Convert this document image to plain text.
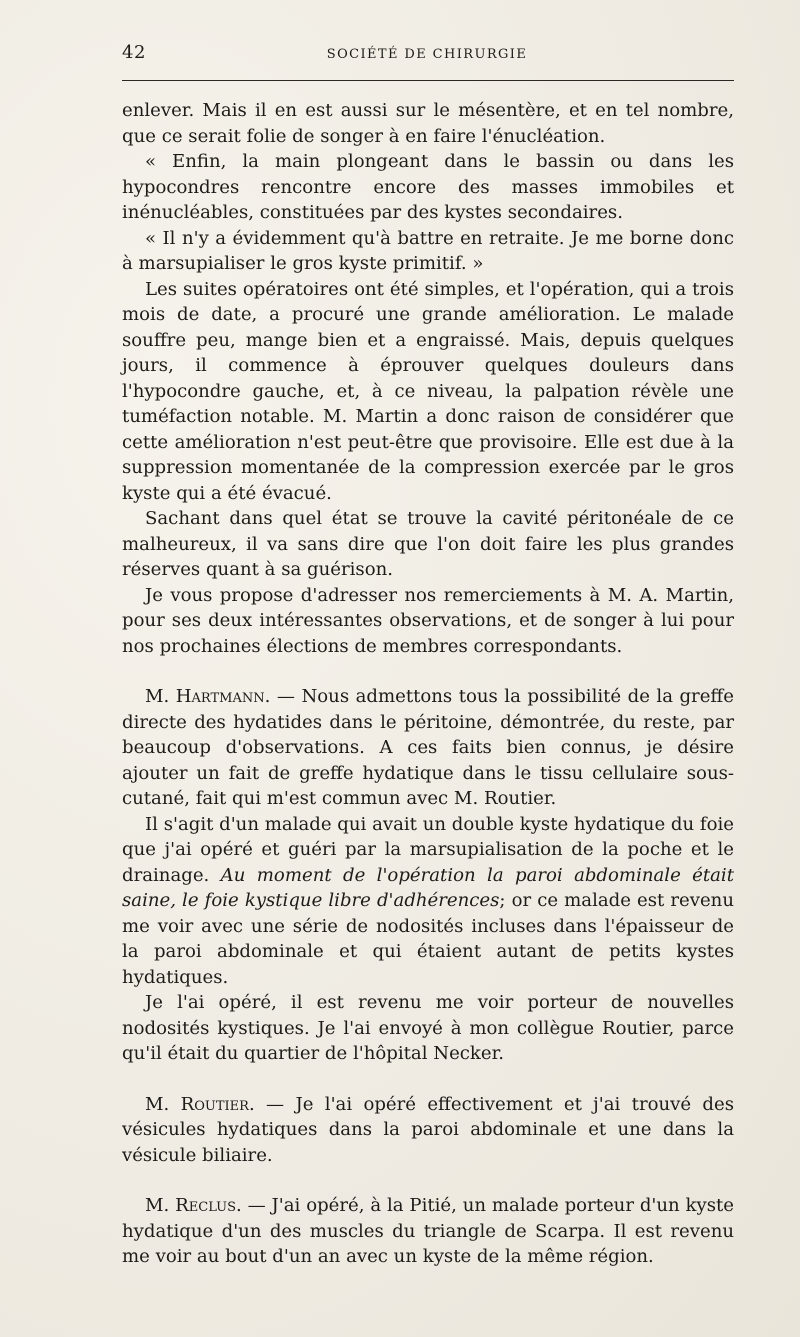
42	SOCIÉTÉ DE CHIRURGIE

enlever. Mais il en est aussi sur le mésentère, et en tel nombre, que ce serait folie de songer à en faire l'énucléation.

« Enfin, la main plongeant dans le bassin ou dans les hypocondres rencontre encore des masses immobiles et inénucléables, constituées par des kystes secondaires.

« Il n'y a évidemment qu'à battre en retraite. Je me borne donc à marsupialiser le gros kyste primitif. »

Les suites opératoires ont été simples, et l'opération, qui a trois mois de date, a procuré une grande amélioration. Le malade souffre peu, mange bien et a engraissé. Mais, depuis quelques jours, il commence à éprouver quelques douleurs dans l'hypocondre gauche, et, à ce niveau, la palpation révèle une tuméfaction notable. M. Martin a donc raison de considérer que cette amélioration n'est peut-être que provisoire. Elle est due à la suppression momentanée de la compression exercée par le gros kyste qui a été évacué.

Sachant dans quel état se trouve la cavité péritonéale de ce malheureux, il va sans dire que l'on doit faire les plus grandes réserves quant à sa guérison.

Je vous propose d'adresser nos remerciements à M. A. Martin, pour ses deux intéressantes observations, et de songer à lui pour nos prochaines élections de membres correspondants.

M. Hartmann. — Nous admettons tous la possibilité de la greffe directe des hydatides dans le péritoine, démontrée, du reste, par beaucoup d'observations. A ces faits bien connus, je désire ajouter un fait de greffe hydatique dans le tissu cellulaire sous-cutané, fait qui m'est commun avec M. Routier.

Il s'agit d'un malade qui avait un double kyste hydatique du foie que j'ai opéré et guéri par la marsupialisation de la poche et le drainage. Au moment de l'opération la paroi abdominale était saine, le foie kystique libre d'adhérences; or ce malade est revenu me voir avec une série de nodosités incluses dans l'épaisseur de la paroi abdominale et qui étaient autant de petits kystes hydatiques.

Je l'ai opéré, il est revenu me voir porteur de nouvelles nodosités kystiques. Je l'ai envoyé à mon collègue Routier, parce qu'il était du quartier de l'hôpital Necker.

M. Routier. — Je l'ai opéré effectivement et j'ai trouvé des vésicules hydatiques dans la paroi abdominale et une dans la vésicule biliaire.

M. Reclus. — J'ai opéré, à la Pitié, un malade porteur d'un kyste hydatique d'un des muscles du triangle de Scarpa. Il est revenu me voir au bout d'un an avec un kyste de la même région.
